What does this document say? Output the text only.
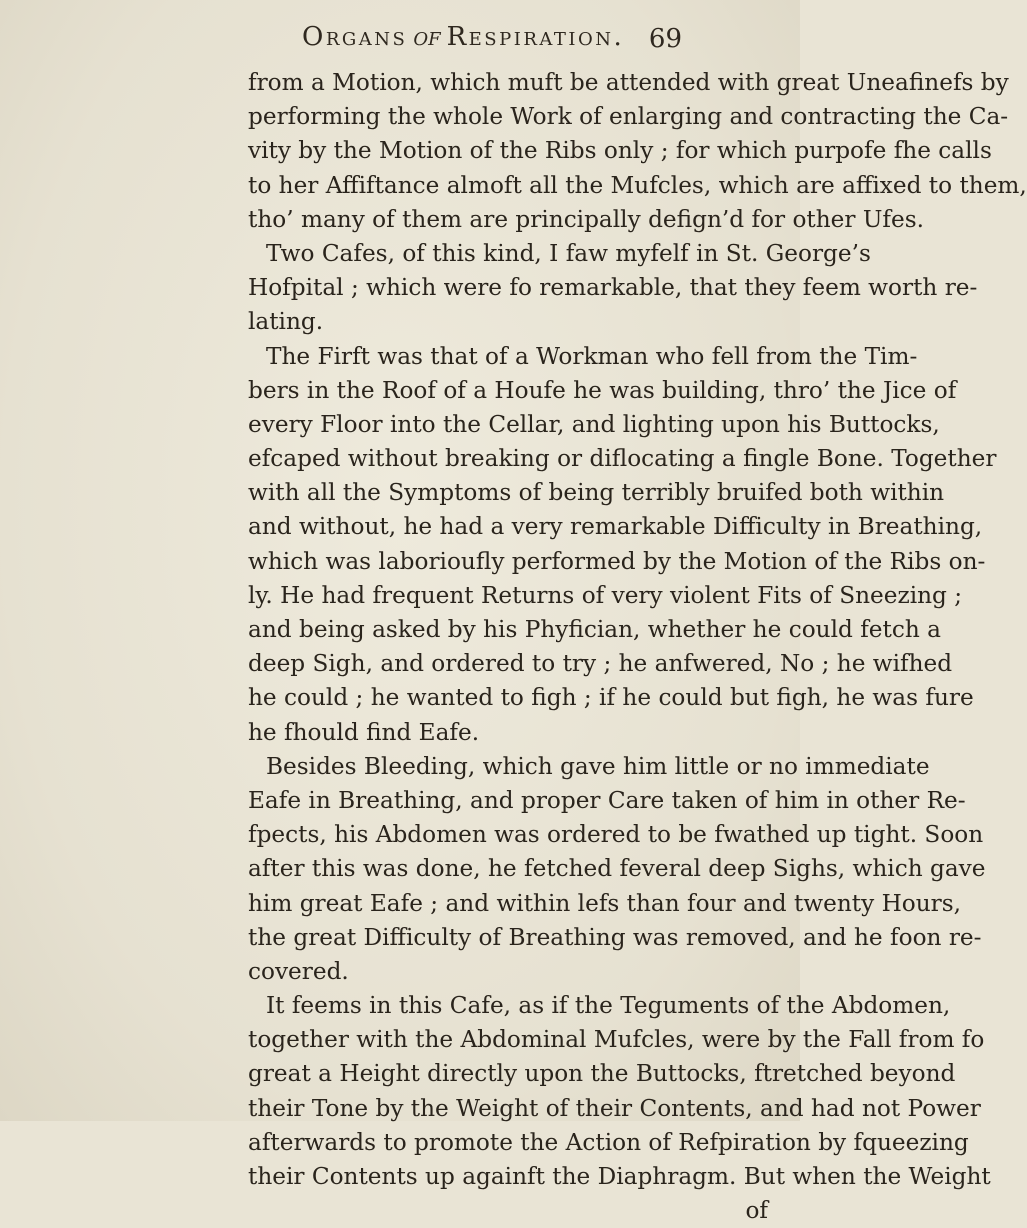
Organs of Respiration. 69
from a Motion, which muft be attended with great Uneafinefs by
performing the whole Work of enlarging and contracting the Ca-
vity by the Motion of the Ribs only ; for which purpofe fhe calls
to her Affiftance almoft all the Mufcles, which are affixed to them,
tho’ many of them are principally defign’d for other Ufes.
Two Cafes, of this kind, I faw myfelf in St. George’s
Hofpital ; which were fo remarkable, that they feem worth re-
lating.
The Firft was that of a Workman who fell from the Tim-
bers in the Roof of a Houfe he was building, thro’ the Jice of
every Floor into the Cellar, and lighting upon his Buttocks,
efcaped without breaking or diflocating a fingle Bone. Together
with all the Symptoms of being terribly bruifed both within
and without, he had a very remarkable Difficulty in Breathing,
which was laborioufly performed by the Motion of the Ribs on-
ly. He had frequent Returns of very violent Fits of Sneezing ;
and being asked by his Phyfician, whether he could fetch a
deep Sigh, and ordered to try ; he anfwered, No ; he wifhed
he could ; he wanted to figh ; if he could but figh, he was fure
he fhould find Eafe.
Besides Bleeding, which gave him little or no immediate
Eafe in Breathing, and proper Care taken of him in other Re-
fpects, his Abdomen was ordered to be fwathed up tight. Soon
after this was done, he fetched feveral deep Sighs, which gave
him great Eafe ; and within lefs than four and twenty Hours,
the great Difficulty of Breathing was removed, and he foon re-
covered.
It feems in this Cafe, as if the Teguments of the Abdomen,
together with the Abdominal Mufcles, were by the Fall from fo
great a Height directly upon the Buttocks, ftretched beyond
their Tone by the Weight of their Contents, and had not Power
afterwards to promote the Action of Refpiration by fqueezing
their Contents up againft the Diaphragm. But when the Weight
of
